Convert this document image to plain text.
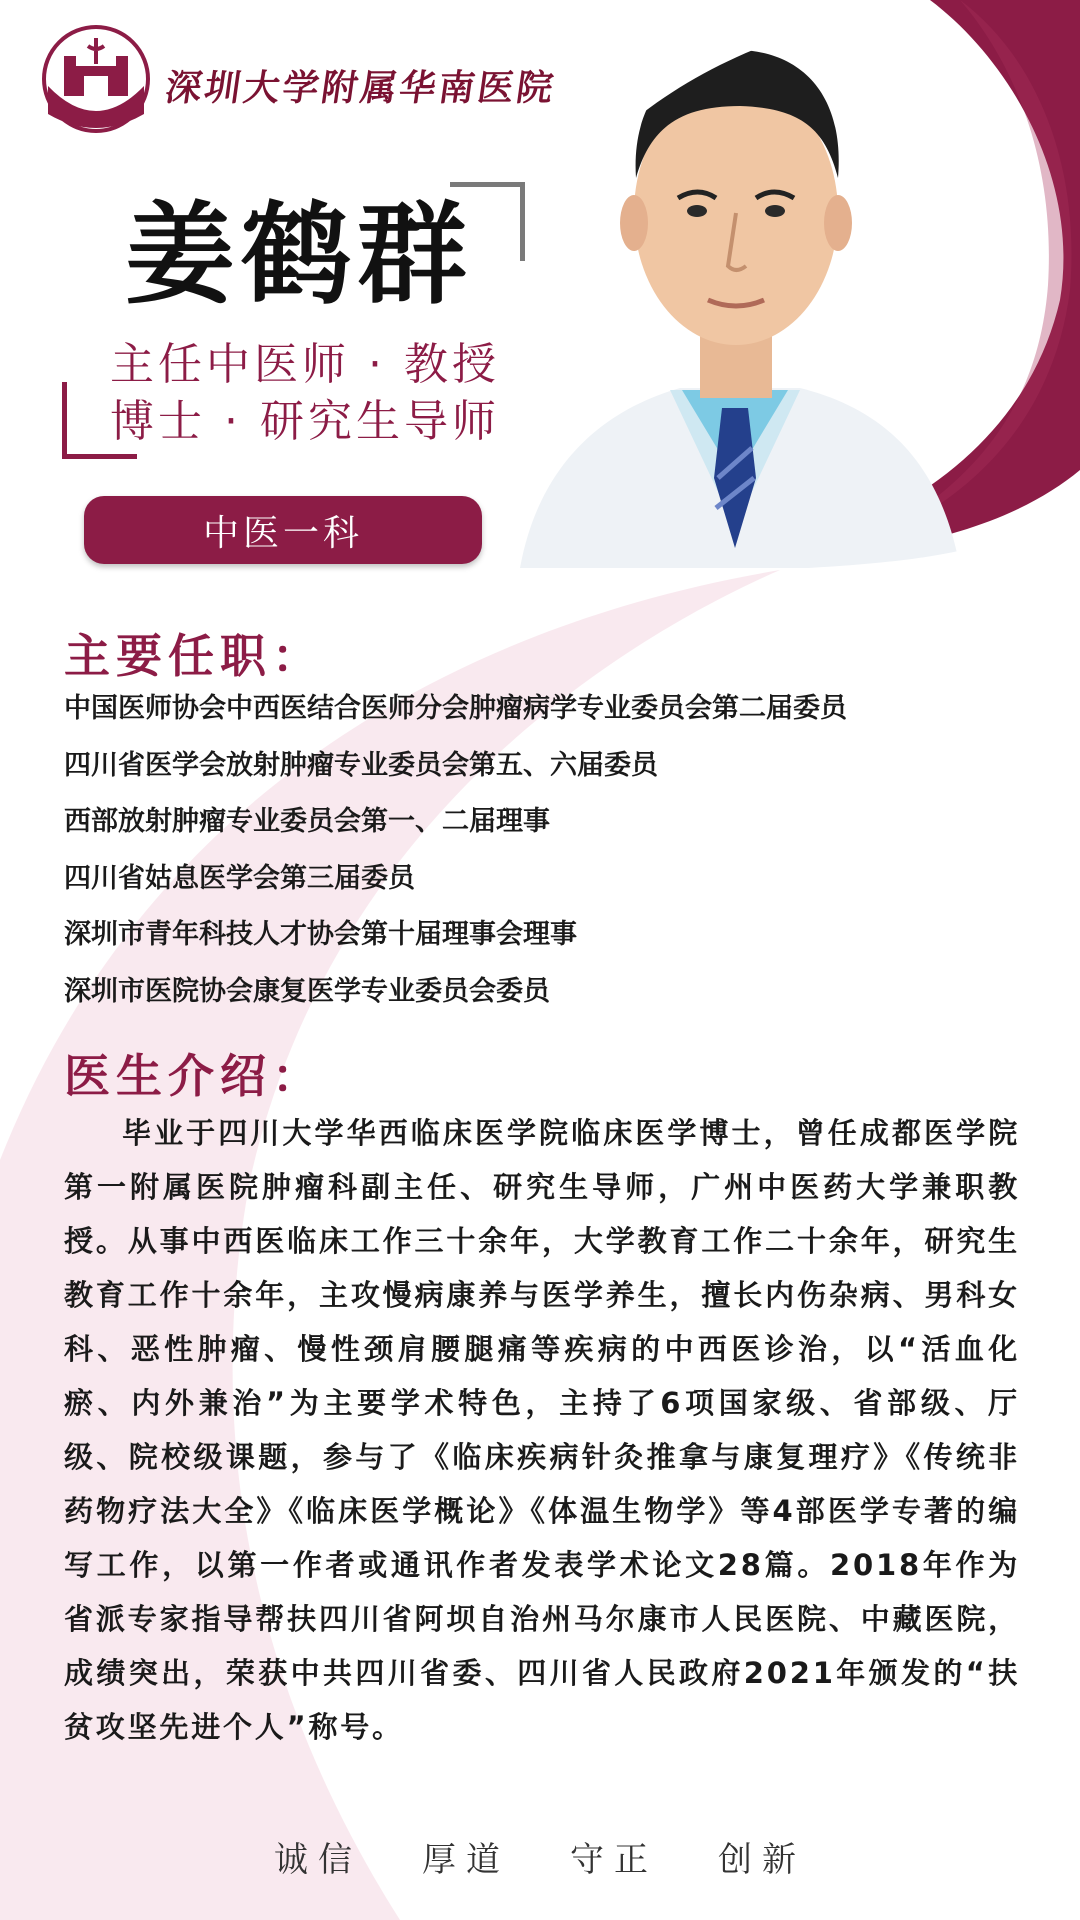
深圳大学附属华南医院
姜鹤群
主任中医师 · 教授
博士 · 研究生导师
中医一科
主要任职：
中国医师协会中西医结合医师分会肿瘤病学专业委员会第二届委员
四川省医学会放射肿瘤专业委员会第五、六届委员
西部放射肿瘤专业委员会第一、二届理事
四川省姑息医学会第三届委员
深圳市青年科技人才协会第十届理事会理事
深圳市医院协会康复医学专业委员会委员
医生介绍：

毕业于四川大学华西临床医学院临床医学博士，曾任成都医学院第一附属医院肿瘤科副主任、研究生导师，广州中医药大学兼职教授。从事中西医临床工作三十余年，大学教育工作二十余年，研究生教育工作十余年，主攻慢病康养与医学养生，擅长内伤杂病、男科女科、恶性肿瘤、慢性颈肩腰腿痛等疾病的中西医诊治，以“活血化瘀、内外兼治”为主要学术特色，主持了6项国家级、省部级、厅级、院校级课题，参与了《临床疾病针灸推拿与康复理疗》《传统非药物疗法大全》《临床医学概论》《体温生物学》等4部医学专著的编写工作，以第一作者或通讯作者发表学术论文28篇。2018年作为省派专家指导帮扶四川省阿坝自治州马尔康市人民医院、中藏医院，成绩突出，荣获中共四川省委、四川省人民政府2021年颁发的“扶贫攻坚先进个人”称号。

诚信 厚道 守正 创新
